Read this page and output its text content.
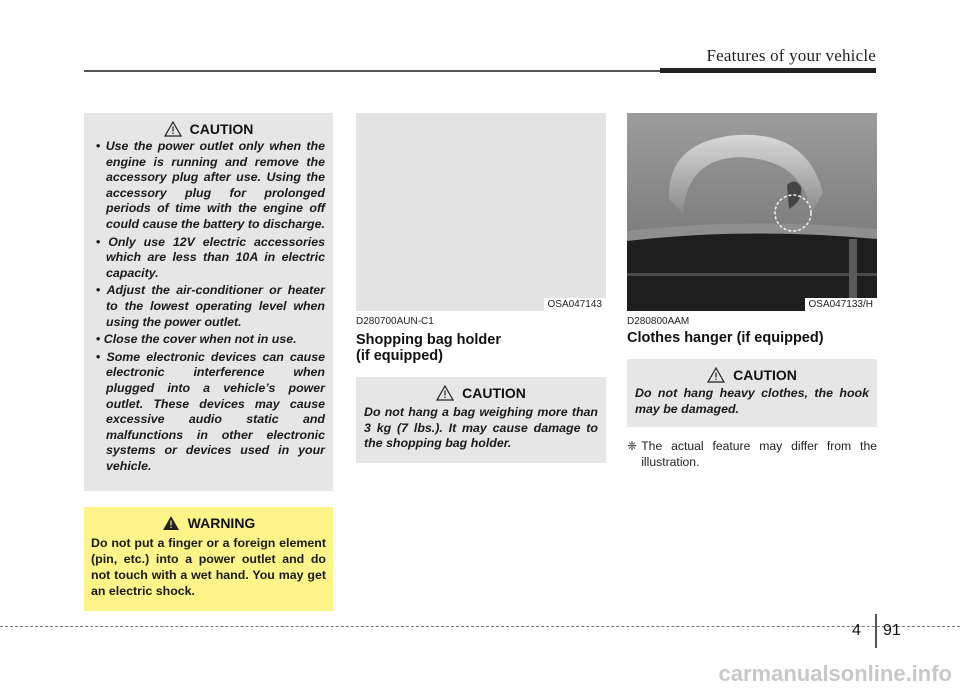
Features of your vehicle
CAUTION
• Use the power outlet only when the engine is running and remove the accessory plug after use. Using the accessory plug for prolonged periods of time with the engine off could cause the battery to discharge.
• Only use 12V electric accessories which are less than 10A in electric capacity.
• Adjust the air-conditioner or heater to the lowest operating level when using the power outlet.
• Close the cover when not in use.
• Some electronic devices can cause electronic interference when plugged into a vehicle’s power outlet. These devices may cause excessive audio static and malfunctions in other electronic systems or devices used in your vehicle.
WARNING

Do not put a finger or a foreign element (pin, etc.) into a power outlet and do not touch with a wet hand. You may get an electric shock.

OSA047143
D280700AUN-C1
Shopping bag holder
(if equipped)
CAUTION

Do not hang a bag weighing more than 3 kg (7 lbs.). It may cause damage to the shopping bag holder.

OSA047133/H
D280800AAM
Clothes hanger (if equipped)
CAUTION

Do not hang heavy clothes, the hook may be damaged.

❈ The actual feature may differ from the illustration.
4 91
carmanualsonline.info
